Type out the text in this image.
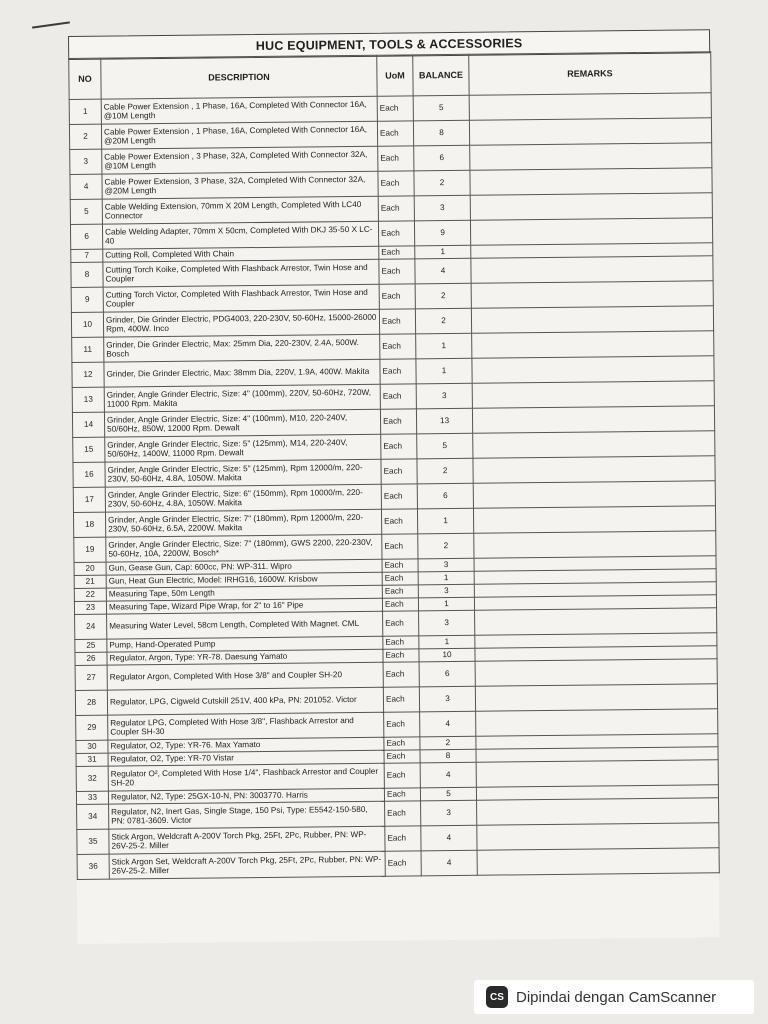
HUC EQUIPMENT, TOOLS & ACCESSORIES
NO	DESCRIPTION	UoM	BALANCE	REMARKS
1	Cable Power Extension , 1 Phase, 16A, Completed With Connector 16A, @10M Length	Each	5	
2	Cable Power Extension , 1 Phase, 16A, Completed With Connector 16A, @20M Length	Each	8	
3	Cable Power Extension , 3 Phase, 32A, Completed With Connector 32A, @10M Length	Each	6	
4	Cable Power Extension, 3 Phase, 32A, Completed With Connector 32A, @20M Length	Each	2	
5	Cable Welding Extension, 70mm X 20M Length, Completed With LC40 Connector	Each	3	
6	Cable Welding Adapter, 70mm X 50cm, Completed With DKJ 35-50 X LC-40	Each	9	
7	Cutting Roll, Completed With Chain	Each	1	
8	Cutting Torch Koike, Completed With Flashback Arrestor, Twin Hose and Coupler	Each	4	
9	Cutting Torch Victor, Completed With Flashback Arrestor, Twin Hose and Coupler	Each	2	
10	Grinder, Die Grinder Electric, PDG4003, 220-230V, 50-60Hz, 15000-26000 Rpm, 400W. Inco	Each	2	
11	Grinder, Die Grinder Electric, Max: 25mm Dia, 220-230V, 2.4A, 500W. Bosch	Each	1	
12	Grinder, Die Grinder Electric, Max: 38mm Dia, 220V, 1.9A, 400W. Makita	Each	1	
13	Grinder, Angle Grinder Electric, Size: 4" (100mm), 220V, 50-60Hz, 720W, 11000 Rpm. Makita	Each	3	
14	Grinder, Angle Grinder Electric, Size: 4" (100mm), M10, 220-240V, 50/60Hz, 850W, 12000 Rpm. Dewalt	Each	13	
15	Grinder, Angle Grinder Electric, Size: 5" (125mm), M14, 220-240V, 50/60Hz, 1400W, 11000 Rpm. Dewalt	Each	5	
16	Grinder, Angle Grinder Electric, Size: 5" (125mm), Rpm 12000/m, 220-230V, 50-60Hz, 4.8A, 1050W. Makita	Each	2	
17	Grinder, Angle Grinder Electric, Size: 6" (150mm), Rpm 10000/m, 220-230V, 50-60Hz, 4.8A, 1050W. Makita	Each	6	
18	Grinder, Angle Grinder Electric, Size: 7" (180mm), Rpm 12000/m, 220-230V, 50-60Hz, 6.5A, 2200W. Makita	Each	1	
19	Grinder, Angle Grinder Electric, Size: 7" (180mm), GWS 2200, 220-230V, 50-60Hz, 10A, 2200W, Bosch*	Each	2	
20	Gun, Gease Gun, Cap: 600cc, PN: WP-311. Wipro	Each	3	
21	Gun, Heat Gun Electric, Model: IRHG16, 1600W. Krisbow	Each	1	
22	Measuring Tape, 50m Length	Each	3	
23	Measuring Tape, Wizard Pipe Wrap, for 2" to 16" Pipe	Each	1	
24	Measuring Water Level, 58cm Length, Completed With Magnet. CML	Each	3	
25	Pump, Hand-Operated Pump	Each	1	
26	Regulator, Argon, Type: YR-78. Daesung Yamato	Each	10	
27	Regulator Argon, Completed With Hose 3/8" and Coupler SH-20	Each	6	
28	Regulator, LPG, Cigweld Cutskill 251V, 400 kPa, PN: 201052. Victor	Each	3	
29	Regulator LPG, Completed With Hose 3/8", Flashback Arrestor and Coupler SH-30	Each	4	
30	Regulator, O2, Type: YR-76. Max Yamato	Each	2	
31	Regulator, O2, Type: YR-70 Vistar	Each	8	
32	Regulator O², Completed With Hose 1/4", Flashback Arrestor and Coupler SH-20	Each	4	
33	Regulator, N2, Type: 25GX-10-N, PN: 3003770. Harris	Each	5	
34	Regulator, N2, Inert Gas, Single Stage, 150 Psi, Type: E5542-150-580, PN: 0781-3609. Victor	Each	3	
35	Stick Argon, Weldcraft A-200V Torch Pkg, 25Ft, 2Pc, Rubber, PN: WP-26V-25-2. Miller	Each	4	
36	Stick Argon Set, Weldcraft A-200V Torch Pkg, 25Ft, 2Pc, Rubber, PN: WP-26V-25-2. Miller	Each	4	
CS Dipindai dengan CamScanner
